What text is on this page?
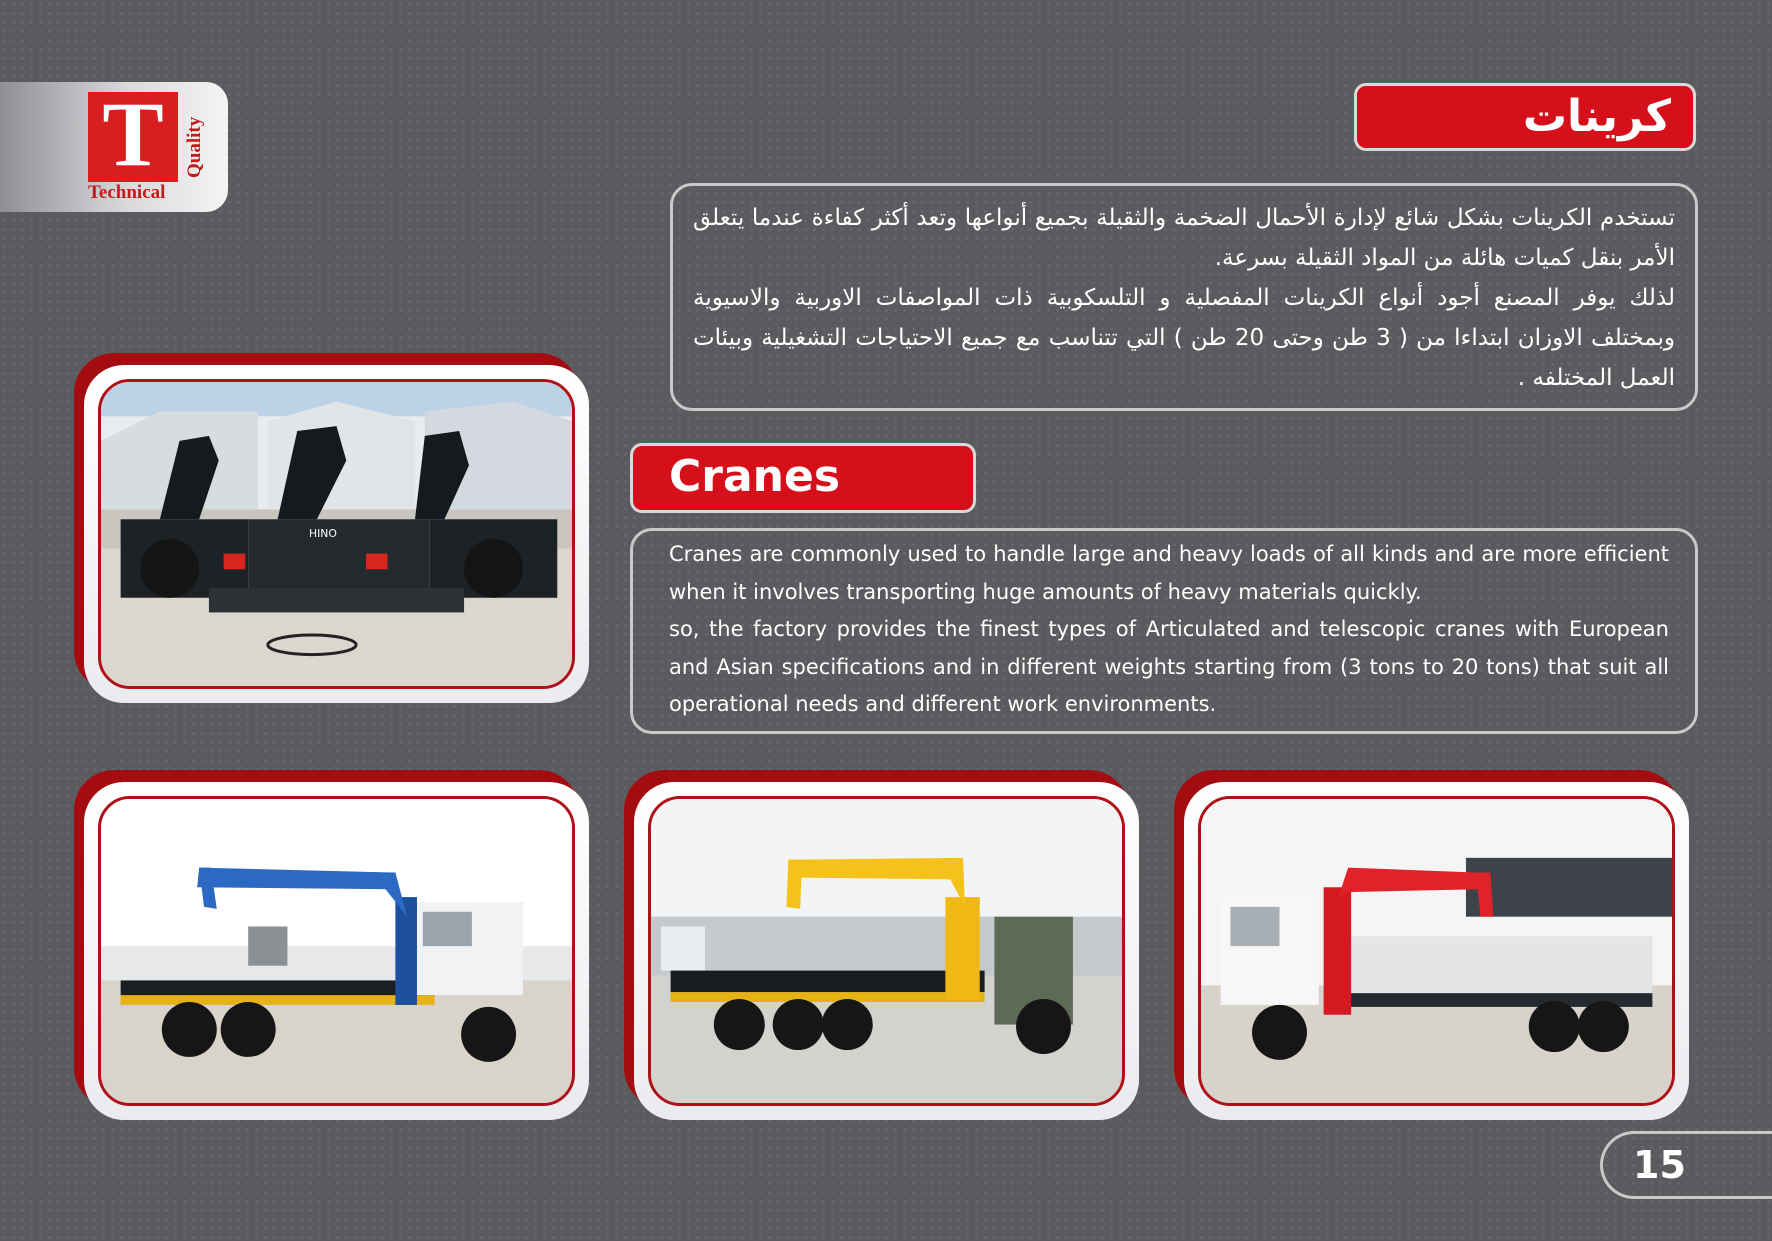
T
Technical
Quality	كرينات

تستخدم الكرينات بشكل شائع لإدارة الأحمال الضخمة والثقيلة بجميع أنواعها وتعد أكثر كفاءة عندما يتعلق الأمر بنقل كميات هائلة من المواد الثقيلة بسرعة.

لذلك يوفر المصنع أجود أنواع الكرينات المفصلية و التلسكوبية ذات المواصفات الاوربية والاسيوية وبمختلف الاوزان ابتداءا من ( 3 طن وحتى 20 طن ) التي تتناسب مع جميع الاحتياجات التشغيلية وبيئات العمل المختلفه .

Cranes

Cranes are commonly used to handle large and heavy loads of all kinds and are more efficient when it involves transporting huge amounts of heavy materials quickly.

so, the factory provides the finest types of Articulated and telescopic cranes with European and Asian specifications and in different weights starting from (3 tons to 20 tons) that suit all operational needs and different work environments.

HINO
15
